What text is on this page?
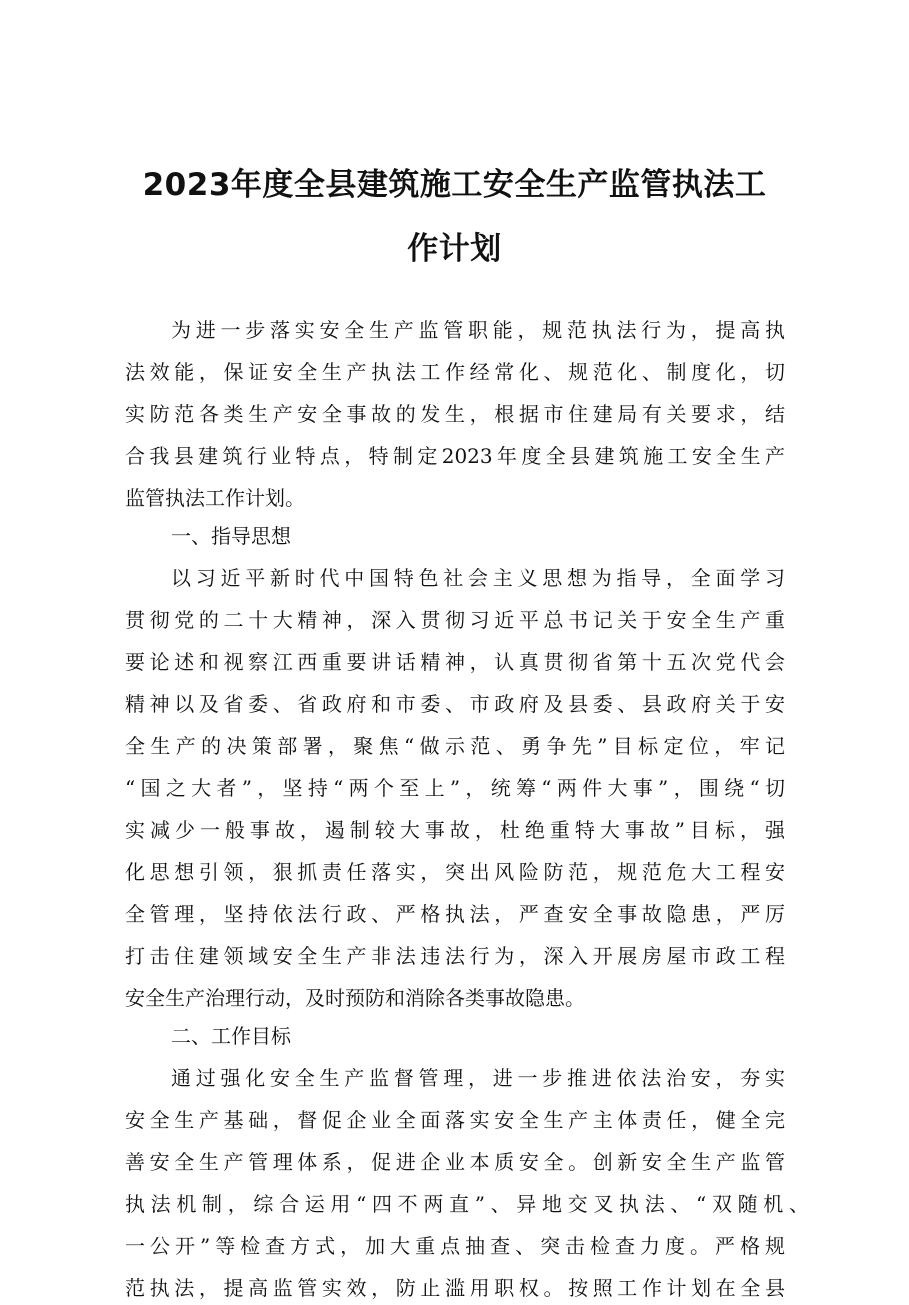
2023年度全县建筑施工安全生产监管执法工
作计划
为进一步落实安全生产监管职能，规范执法行为，提高执
法效能，保证安全生产执法工作经常化、规范化、制度化，切
实防范各类生产安全事故的发生，根据市住建局有关要求，结
合我县建筑行业特点，特制定2023年度全县建筑施工安全生产
监管执法工作计划。
一、指导思想
以习近平新时代中国特色社会主义思想为指导，全面学习
贯彻党的二十大精神，深入贯彻习近平总书记关于安全生产重
要论述和视察江西重要讲话精神，认真贯彻省第十五次党代会
精神以及省委、省政府和市委、市政府及县委、县政府关于安
全生产的决策部署，聚焦“做示范、勇争先”目标定位，牢记
“国之大者”，坚持“两个至上”，统筹“两件大事”，围绕“切
实减少一般事故，遏制较大事故，杜绝重特大事故”目标，强
化思想引领，狠抓责任落实，突出风险防范，规范危大工程安
全管理，坚持依法行政、严格执法，严查安全事故隐患，严厉
打击住建领域安全生产非法违法行为，深入开展房屋市政工程
安全生产治理行动，及时预防和消除各类事故隐患。
二、工作目标
通过强化安全生产监督管理，进一步推进依法治安，夯实
安全生产基础，督促企业全面落实安全生产主体责任，健全完
善安全生产管理体系，促进企业本质安全。创新安全生产监管
执法机制，综合运用“四不两直”、异地交叉执法、“双随机、
一公开”等检查方式，加大重点抽查、突击检查力度。严格规
范执法，提高监管实效，防止滥用职权。按照工作计划在全县
